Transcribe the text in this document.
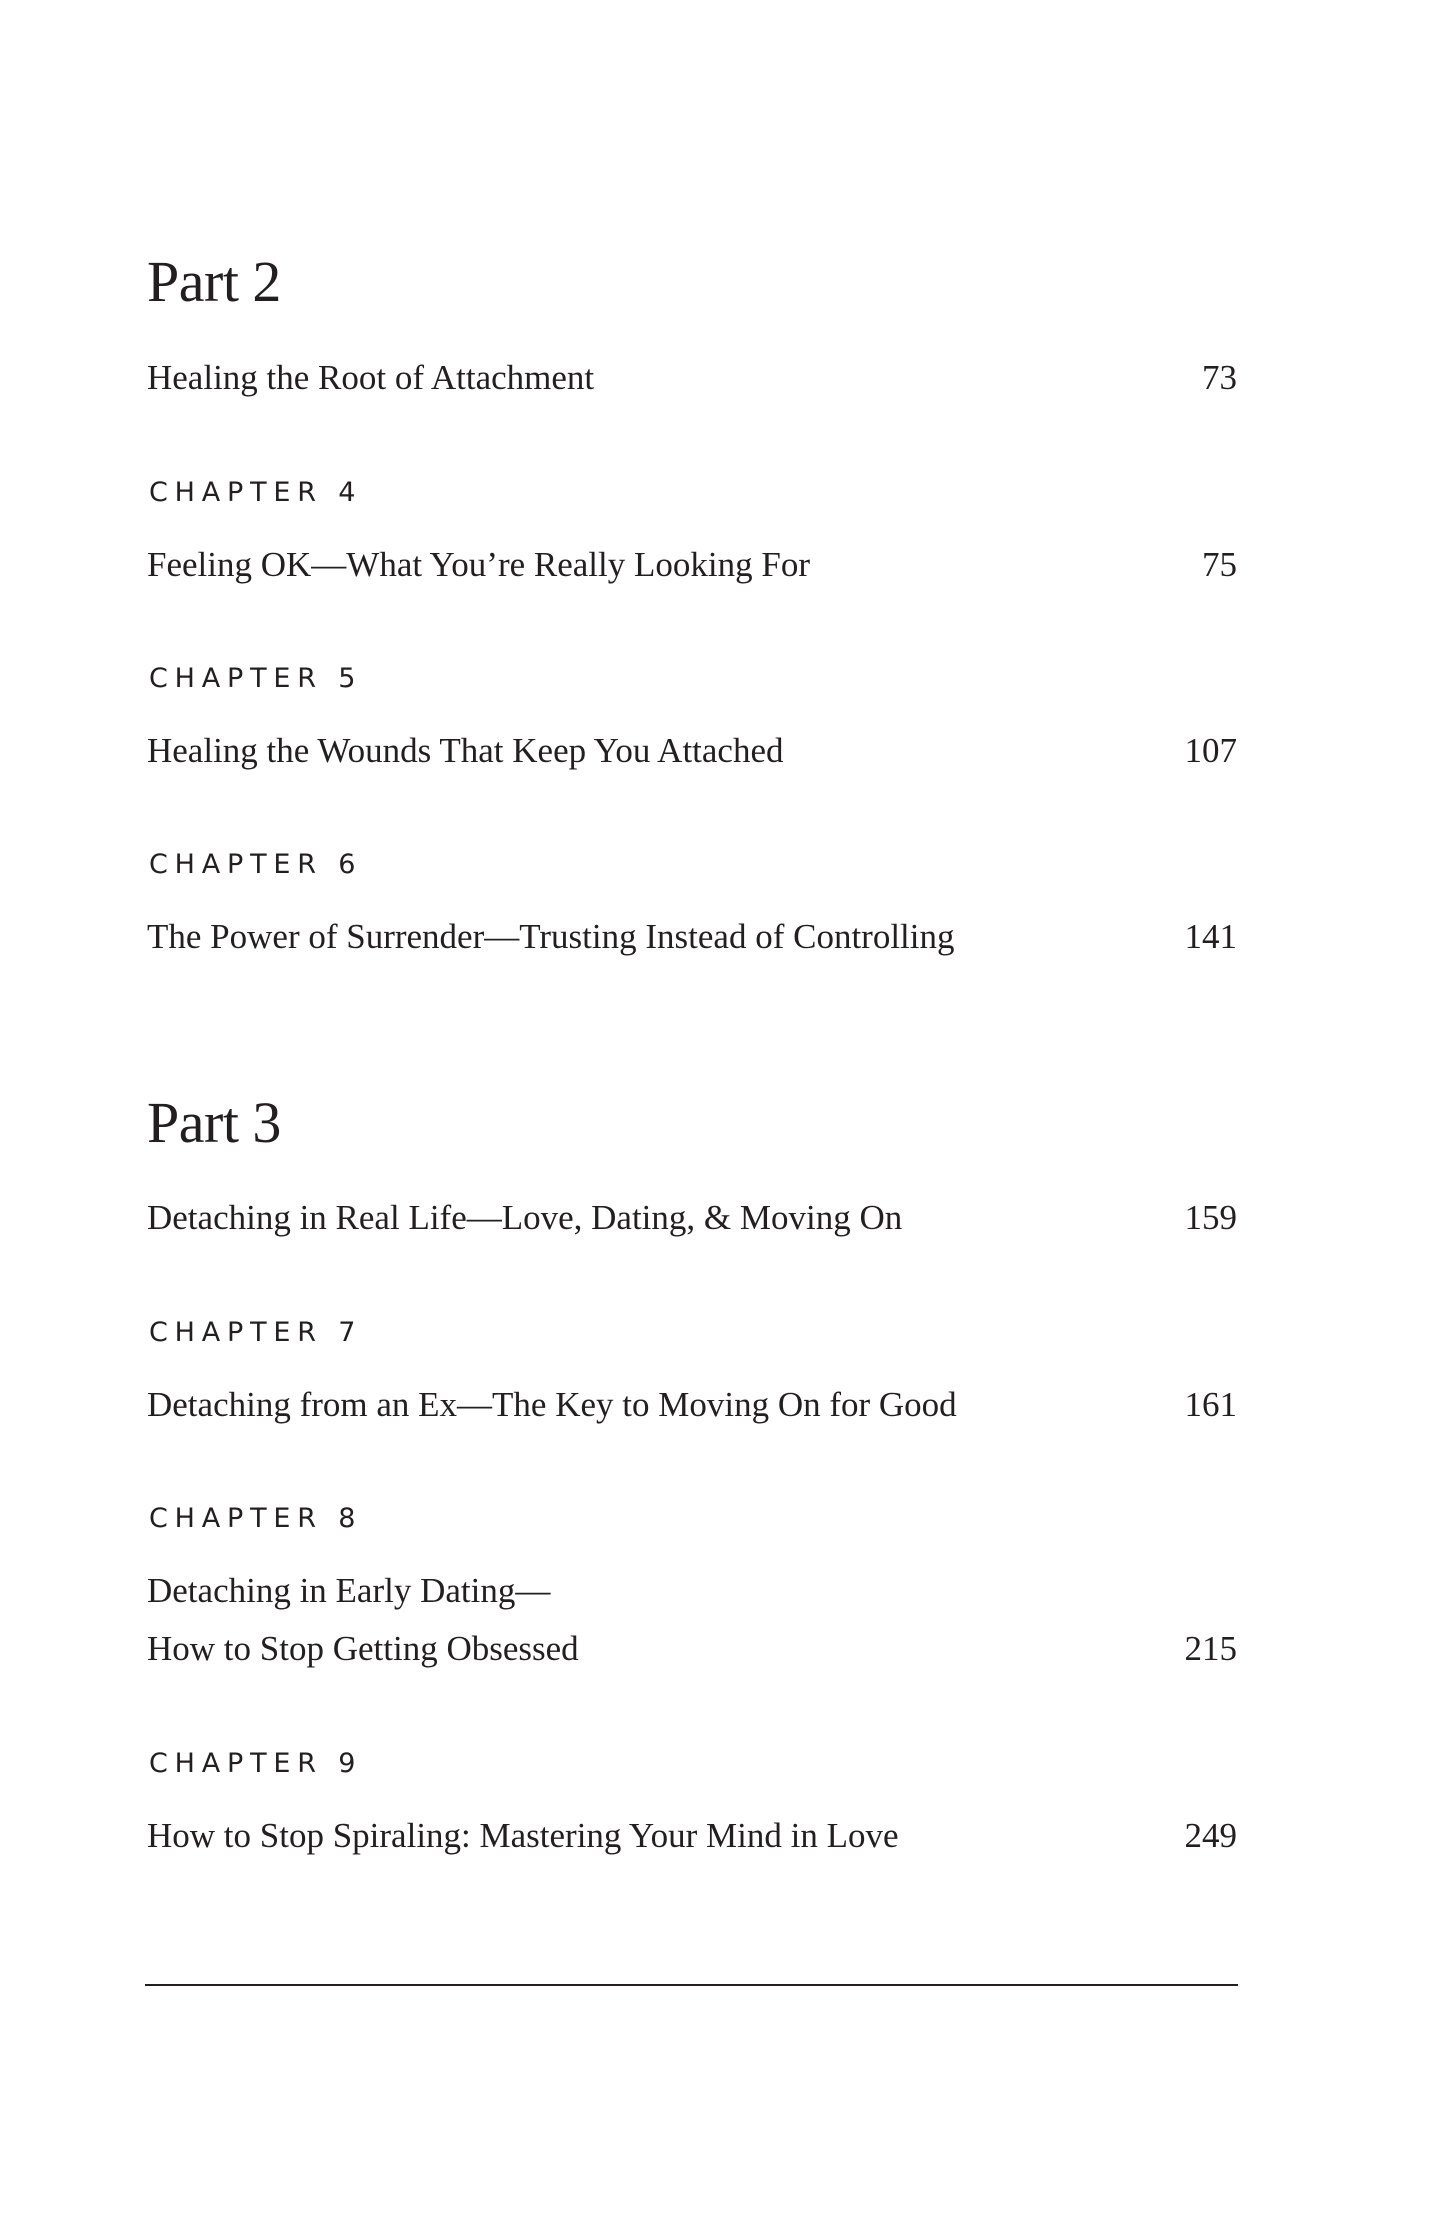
Part 2
Healing the Root of Attachment	73
CHAPTER 4
Feeling OK—What You’re Really Looking For	75
CHAPTER 5
Healing the Wounds That Keep You Attached	107
CHAPTER 6
The Power of Surrender—Trusting Instead of Controlling	141
Part 3
Detaching in Real Life—Love, Dating, & Moving On	159
CHAPTER 7
Detaching from an Ex—The Key to Moving On for Good	161
CHAPTER 8
Detaching in Early Dating—
How to Stop Getting Obsessed	215
CHAPTER 9
How to Stop Spiraling: Mastering Your Mind in Love	249
